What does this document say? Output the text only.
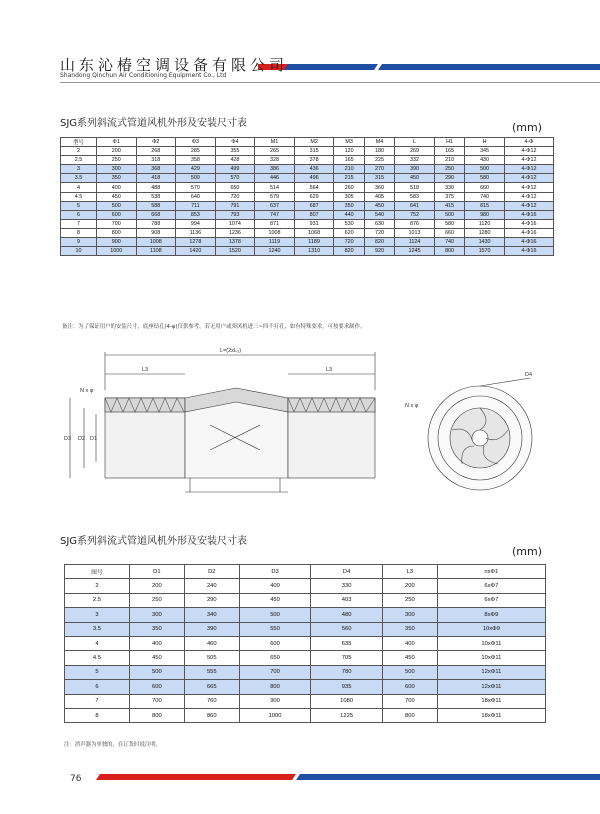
山东沁椿空调设备有限公司
Shandong Qinchun Air Conditioning Equipment Co., Ltd
SJG系列斜流式管道风机外形及安装尺寸表	(mm)
型号	Φ1	Φ2	Φ3	Φ4	M1	M2	M3	M4	L	H1	H	4-Φ
2	200	268	285	355	265	315	120	180	269	165	345	4-Φ12
2.5	250	318	358	428	328	378	165	225	332	210	430	4-Φ12
3	300	368	429	499	386	436	210	270	390	250	500	4-Φ12
3.5	350	418	500	570	446	496	215	315	450	290	580	4-Φ12
4	400	488	570	650	514	564	260	360	518	330	660	4-Φ12
4.5	450	538	640	720	579	629	305	405	583	375	740	4-Φ12
5	500	588	711	791	637	687	350	450	641	415	815	4-Φ12
6	600	668	853	793	747	807	440	540	752	500	980	4-Φ16
7	700	788	994	1074	871	931	530	630	876	580	1120	4-Φ16
8	800	908	1136	1236	1008	1068	620	720	1013	660	1280	4-Φ16
9	900	1008	1278	1378	1119	1189	720	820	1124	740	1430	4-Φ16
10	1000	1108	1420	1520	1240	1310	820	920	1245	800	1570	4-Φ16
备注：为了保证用户的安装尺寸，底座钻孔(4-φ)仅供参考，若无用户或须风机进三~四不打孔，如有特殊要求，可按要求制作。
L=(2xL₃)
L3	L3
N x φ
D3 D2 D1
D4
N x φ
SJG系列斜流式管道风机外形及安装尺寸表
(mm)
图号	D1	D2	D3	D4	L3	nxΦ1
2	200	240	400	330	200	6xΦ7
2.5	250	290	450	403	250	6xΦ7
3	300	340	500	480	300	8xΦ9
3.5	350	390	550	560	350	10xΦ9
4	400	460	600	635	400	10xΦ11
4.5	450	505	650	705	450	10xΦ11
5	500	555	700	780	500	12xΦ11
6	600	665	800	935	600	12xΦ11
7	700	760	900	1080	700	18xΦ11
8	800	860	1000	1225	800	18xΦ11
注：消声器为单独的，在订货时说注明。
76
